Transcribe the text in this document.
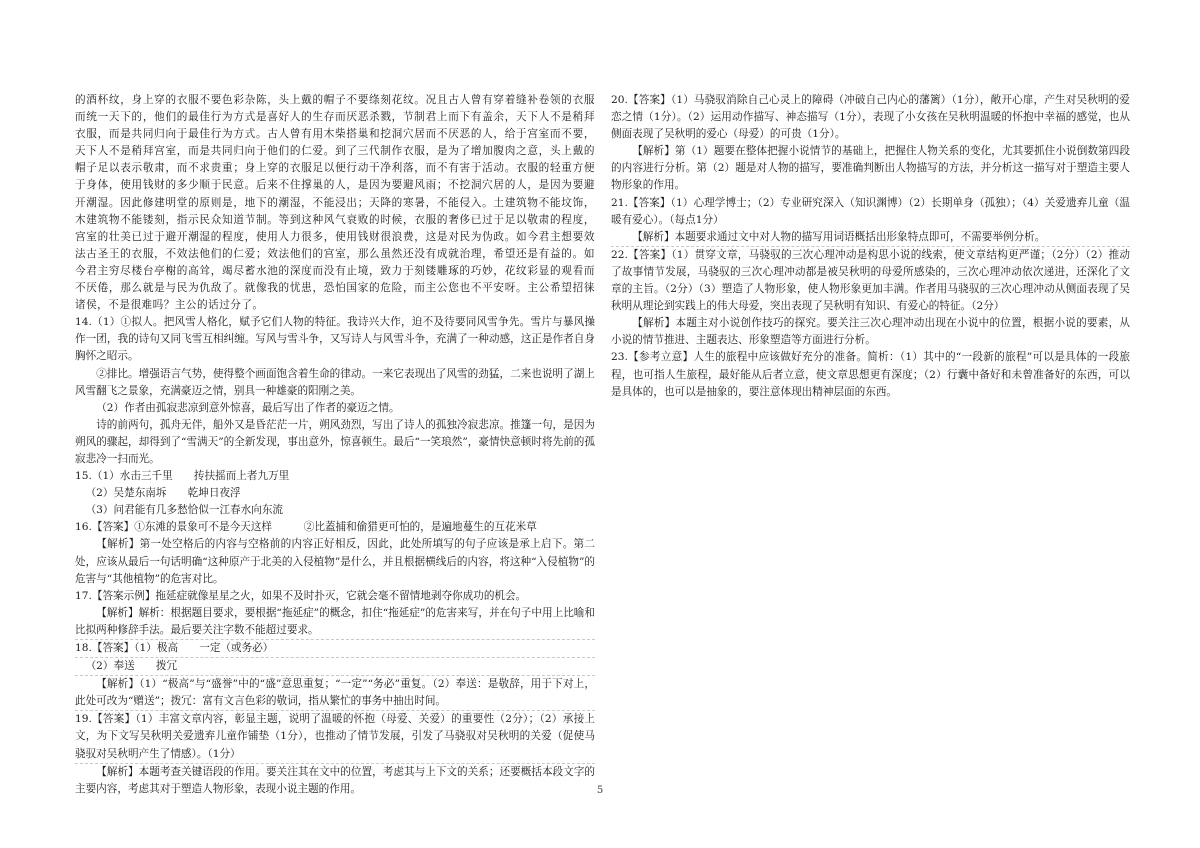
的酒杯纹，身上穿的衣服不要色彩杂陈，头上戴的帽子不要绦刻花纹。况且古人曾有穿着缝补卷领的衣服而统一天下的，他们的最佳行为方式是喜好人的生存而厌恶杀戮，节制君上而下有盖余，天下人不是稍拜衣服，而是共同归向于最佳行为方式。古人曾有用木柴搭巢和挖洞穴居而不厌恶的人，给于宫室而不要，天下人不是稍拜宫室，而是共同归向于他们的仁爱。到了三代制作衣服，是为了增加腹肉之意，头上戴的帽子足以表示敬肃，而不求贵重；身上穿的衣服足以便行动干净利落，而不有害于活动。衣服的轻重方便于身体，使用钱财的多少顺于民意。后来不住撑巢的人，是因为要避风雨；不挖洞穴居的人，是因为要避开潮湿。因此修建明堂的原则是，地下的潮湿，不能浸出；天降的寒暑，不能侵入。土建筑物不能坟饰，木建筑物不能镂刻，指示民众知道节制。等到这种风气衰败的时候，衣服的奢侈已过于足以敬肃的程度，宫室的壮美已过于避开潮湿的程度，使用人力很多，使用钱财很浪费，这是对民为伪政。如今君主想要效法古圣王的衣服，不效法他们的仁爱；效法他们的宫室，那么虽然还没有成就治理，希望还是有益的。如今君主穷尽楼台亭榭的高耸，竭尽蓄水池的深度而没有止境，致力于刻镂雕琢的巧妙，花纹彩显的观看而不厌倦，那么就是与民为仇敌了。就像我的忧患，恐怕国家的危险，而主公您也不平安呀。主公希望招徕诸侯，不是很难吗？主公的话过分了。

14.（1）①拟人。把风雪人格化，赋予它们人物的特征。我诗兴大作，迫不及待要同风雪争先。雪片与暴风操作一团，我的诗句又同飞雪互相纠缠。写风与雪斗争，又写诗人与风雪斗争，充满了一种动感，这正是作者自身胸怀之昭示。

②排比。增强语言气势，使得整个画面饱含着生命的律动。一来它表现出了风雪的劲猛，二来也说明了湖上风雪翻飞之景象，充满豪迈之情，别具一种雄豪的阳刚之美。

（2）作者由孤寂悲凉到意外惊喜，最后写出了作者的豪迈之情。

诗的前两句，孤舟无伴，船外又是昏茫茫一片，朔风劲烈，写出了诗人的孤独冷寂悲凉。推篷一句，是因为朔风的骤起，却得到了“雪满天”的全新发现，事出意外，惊喜顿生。最后“一笑琅然”，豪情快意顿时将先前的孤寂悲冷一扫而光。

15.（1）水击三千里　　抟扶摇而上者九万里

（2）吴楚东南坼　　乾坤日夜浮

（3）问君能有几多愁恰似一江春水向东流

16.【答案】①东滩的景象可不是今天这样　　　②比蓋捕和偷猎更可怕的，是遍地蔓生的互花米草

【解析】第一处空格后的内容与空格前的内容正好相反，因此，此处所填写的句子应该是承上启下。第二处，应该从最后一句话明确“这种原产于北美的入侵植物”是什么，并且根据横线后的内容，将这种“入侵植物”的危害与“其他植物”的危害对比。

17.【答案示例】拖延症就像星星之火，如果不及时扑灭，它就会毫不留情地剥夺你成功的机会。

【解析】解析：根据题目要求，要根据“拖延症”的概念，扣住“拖延症”的危害来写，并在句子中用上比喻和比拟两种修辞手法。最后要关注字数不能超过要求。

18.【答案】（1）极高　　一定（或务必）

（2）奉送　　拨冗

【解析】（1）“极高”与“盛誉”中的“盛”意思重复；“一定”“务必”重复。（2）奉送：是敬辞，用于下对上，此处可改为“赠送”；拨冗：富有文言色彩的敬词，指从繁忙的事务中抽出时间。

19.【答案】（1）丰富文章内容，彰显主题，说明了温暖的怀抱（母爱、关爱）的重要性（2分）；（2）承接上文，为下文写吴秋明关爱遗弃儿童作铺垫（1分），也推动了情节发展，引发了马骁驭对吴秋明的关爱（促使马骁驭对吴秋明产生了情感）。（1分）

【解析】本题考查关键语段的作用。要关注其在文中的位置，考虑其与上下文的关系；还要概括本段文字的主要内容，考虑其对于塑造人物形象，表现小说主题的作用。

20.【答案】（1）马骁驭消除自己心灵上的障碍（冲破自己内心的藩篱）（1分），敞开心扉，产生对吴秋明的爱恋之情（1分）。（2）运用动作描写、神态描写（1分），表现了小女孩在吴秋明温暖的怀抱中幸福的感觉，也从侧面表现了吴秋明的爱心（母爱）的可贵（1分）。

【解析】第（1）题要在整体把握小说情节的基础上，把握住人物关系的变化，尤其要抓住小说倒数第四段的内容进行分析。第（2）题是对人物的描写，要准确判断出人物描写的方法，并分析这一描写对于塑造主要人物形象的作用。

21.【答案】（1）心理学博士；（2）专业研究深入（知识渊博）（2）长期单身（孤独）；（4）关爱遗弃儿童（温暖有爱心）。（每点1分）

【解析】本题要求通过文中对人物的描写用词语概括出形象特点即可，不需要举例分析。

22.【答案】（1）贯穿文章，马骁驭的三次心理冲动是构思小说的线索，使文章结构更严谨；（2分）（2）推动了故事情节发展，马骁驭的三次心理冲动都是被吴秋明的母爱所感染的，三次心理冲动依次递进，还深化了文章的主旨。（2分）（3）塑造了人物形象，使人物形象更加丰满。作者用马骁驭的三次心理冲动从侧面表现了吴秋明从理论到实践上的伟大母爱，突出表现了吴秋明有知识、有爱心的特征。（2分）

【解析】本题主对小说创作技巧的探究。要关注三次心理冲动出现在小说中的位置，根据小说的要素，从小说的情节推进、主题表达、形象塑造等方面进行分析。

23.【参考立意】人生的旅程中应该做好充分的准备。简析：（1）其中的“一段新的旅程”可以是具体的一段旅程，也可指人生旅程，最好能从后者立意，使文章思想更有深度；（2）行囊中备好和未曾准备好的东西，可以是具体的，也可以是抽象的，要注意体现出精神层面的东西。

5
